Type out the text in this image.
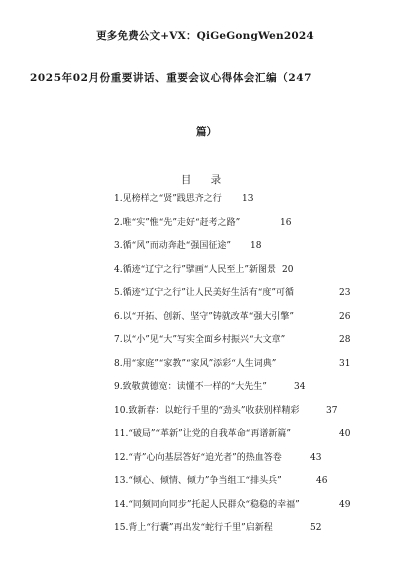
更多免费公文+VX：QiGeGongWen2024
2025年02月份重要讲话、重要会议心得体会汇编（247
篇）
目 录
1.见榜样之“贤”践思齐之行 13
2.唯“实”惟“先”走好“赶考之路”	16
3.循“风”而动奔赴“强国征途” 18
4.循迹“辽宁之行”擘画“人民至上”新图景 20
5.循迹“辽宁之行”让人民美好生活有“度”可循	23
6.以“开拓、创新、坚守”铸就改革“强大引擎”	26
7.以“小”见“大”写实全面乡村振兴“大文章”	28
8.用“家庭”“家教”“家风”添彩“人生词典”	31
9.致敬黄德宽：读懂不一样的“大先生”	34
10.致新春：以蛇行千里的“劲头”收获别样精彩	37
11.“破局”“革新”让党的自我革命“再谱新篇”	40
12.“青”心向基层答好“追光者”的热血答卷	43
13.“倾心、倾情、倾力”争当组工“排头兵”	46
14.“同频同向同步”托起人民群众“稳稳的幸福”	49
15.背上“行囊”再出发“蛇行千里”启新程	52
